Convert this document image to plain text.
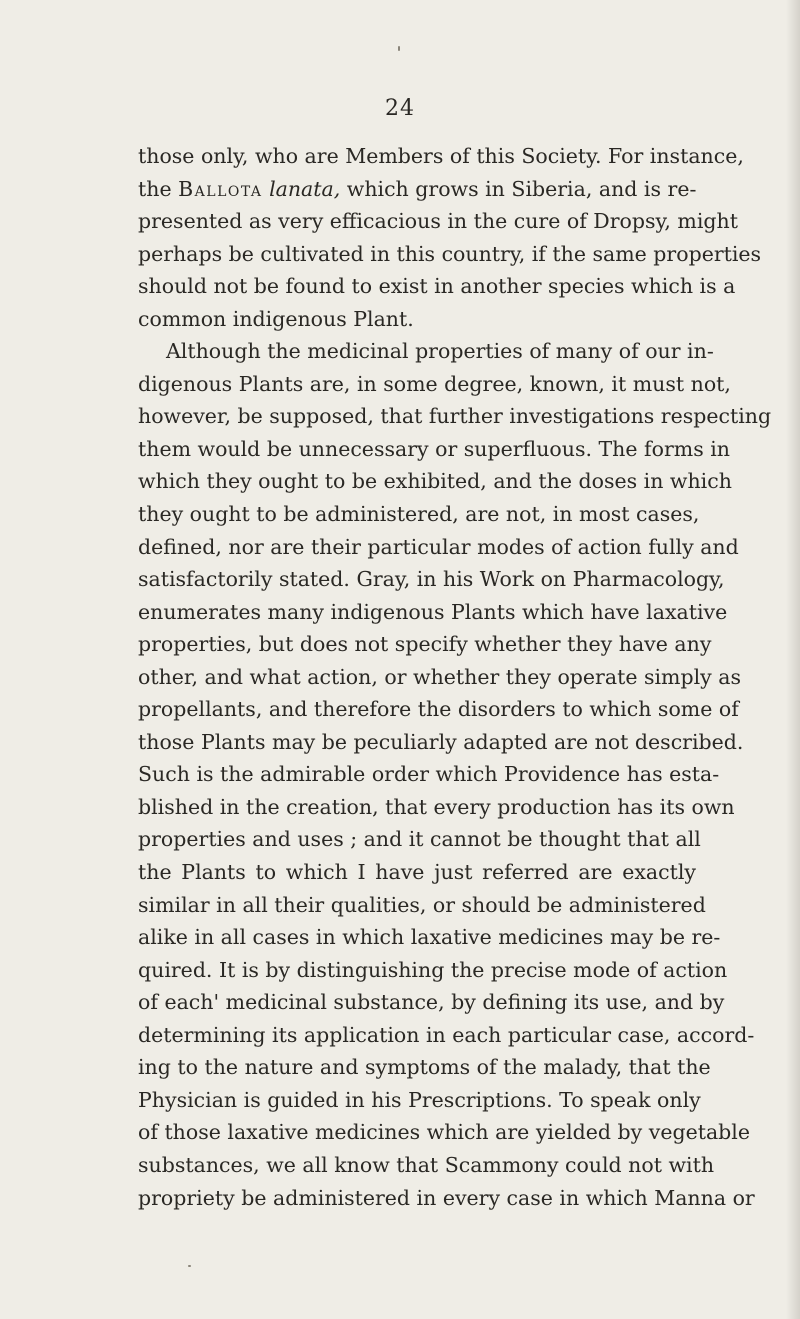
24
those only, who are Members of this Society. For instance,
the Ballota lanata, which grows in Siberia, and is re-
presented as very efficacious in the cure of Dropsy, might
perhaps be cultivated in this country, if the same properties
should not be found to exist in another species which is a
common indigenous Plant.
Although the medicinal properties of many of our in-
digenous Plants are, in some degree, known, it must not,
however, be supposed, that further investigations respecting
them would be unnecessary or superfluous. The forms in
which they ought to be exhibited, and the doses in which
they ought to be administered, are not, in most cases,
defined, nor are their particular modes of action fully and
satisfactorily stated. Gray, in his Work on Pharmacology,
enumerates many indigenous Plants which have laxative
properties, but does not specify whether they have any
other, and what action, or whether they operate simply as
propellants, and therefore the disorders to which some of
those Plants may be peculiarly adapted are not described.
Such is the admirable order which Providence has esta-
blished in the creation, that every production has its own
properties and uses ; and it cannot be thought that all
the Plants to which I have just referred are exactly
similar in all their qualities, or should be administered
alike in all cases in which laxative medicines may be re-
quired. It is by distinguishing the precise mode of action
of each' medicinal substance, by defining its use, and by
determining its application in each particular case, accord-
ing to the nature and symptoms of the malady, that the
Physician is guided in his Prescriptions. To speak only
of those laxative medicines which are yielded by vegetable
substances, we all know that Scammony could not with
propriety be administered in every case in which Manna or
